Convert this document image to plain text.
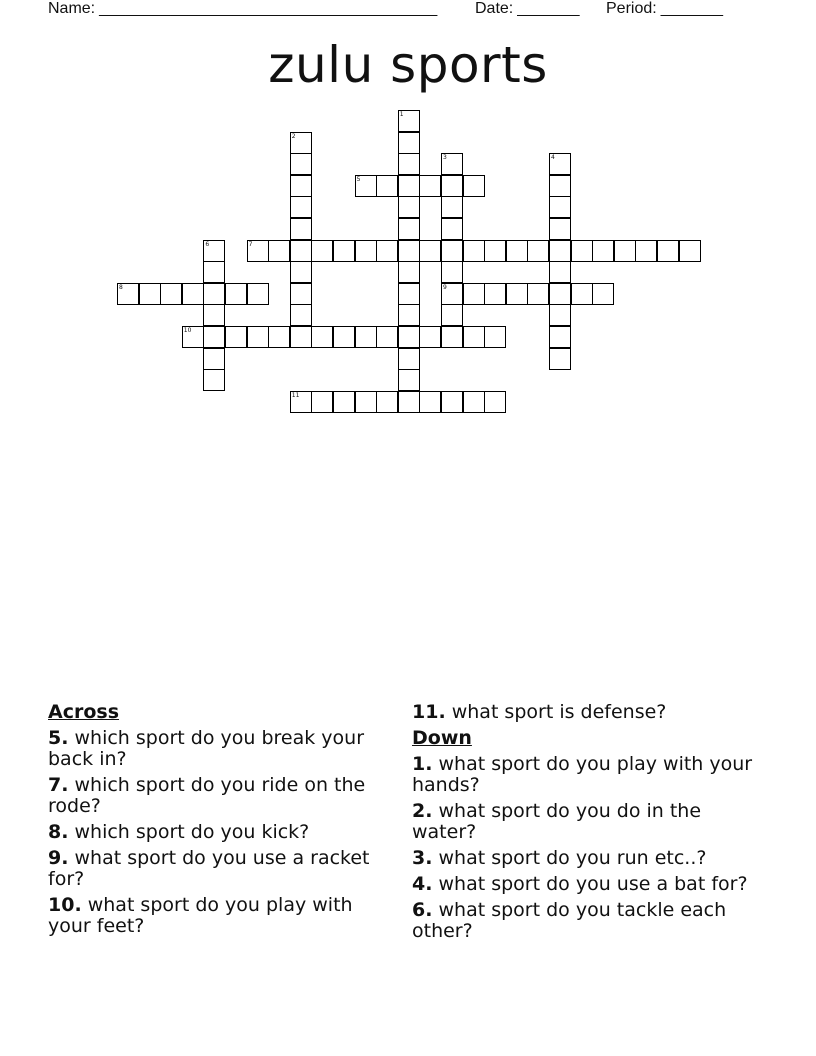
Name: ______________________________________ Date: _______ Period: _______
zulu sports
1
2
3
9
4
5
6	7
8
10
11
Across
5. which sport do you break your back in?
7. which sport do you ride on the rode?
8. which sport do you kick?
9. what sport do you use a racket for?
10. what sport do you play with your feet?
11. what sport is defense?
Down
1. what sport do you play with your hands?
2. what sport do you do in the water?
3. what sport do you run etc..?
4. what sport do you use a bat for?
6. what sport do you tackle each other?
